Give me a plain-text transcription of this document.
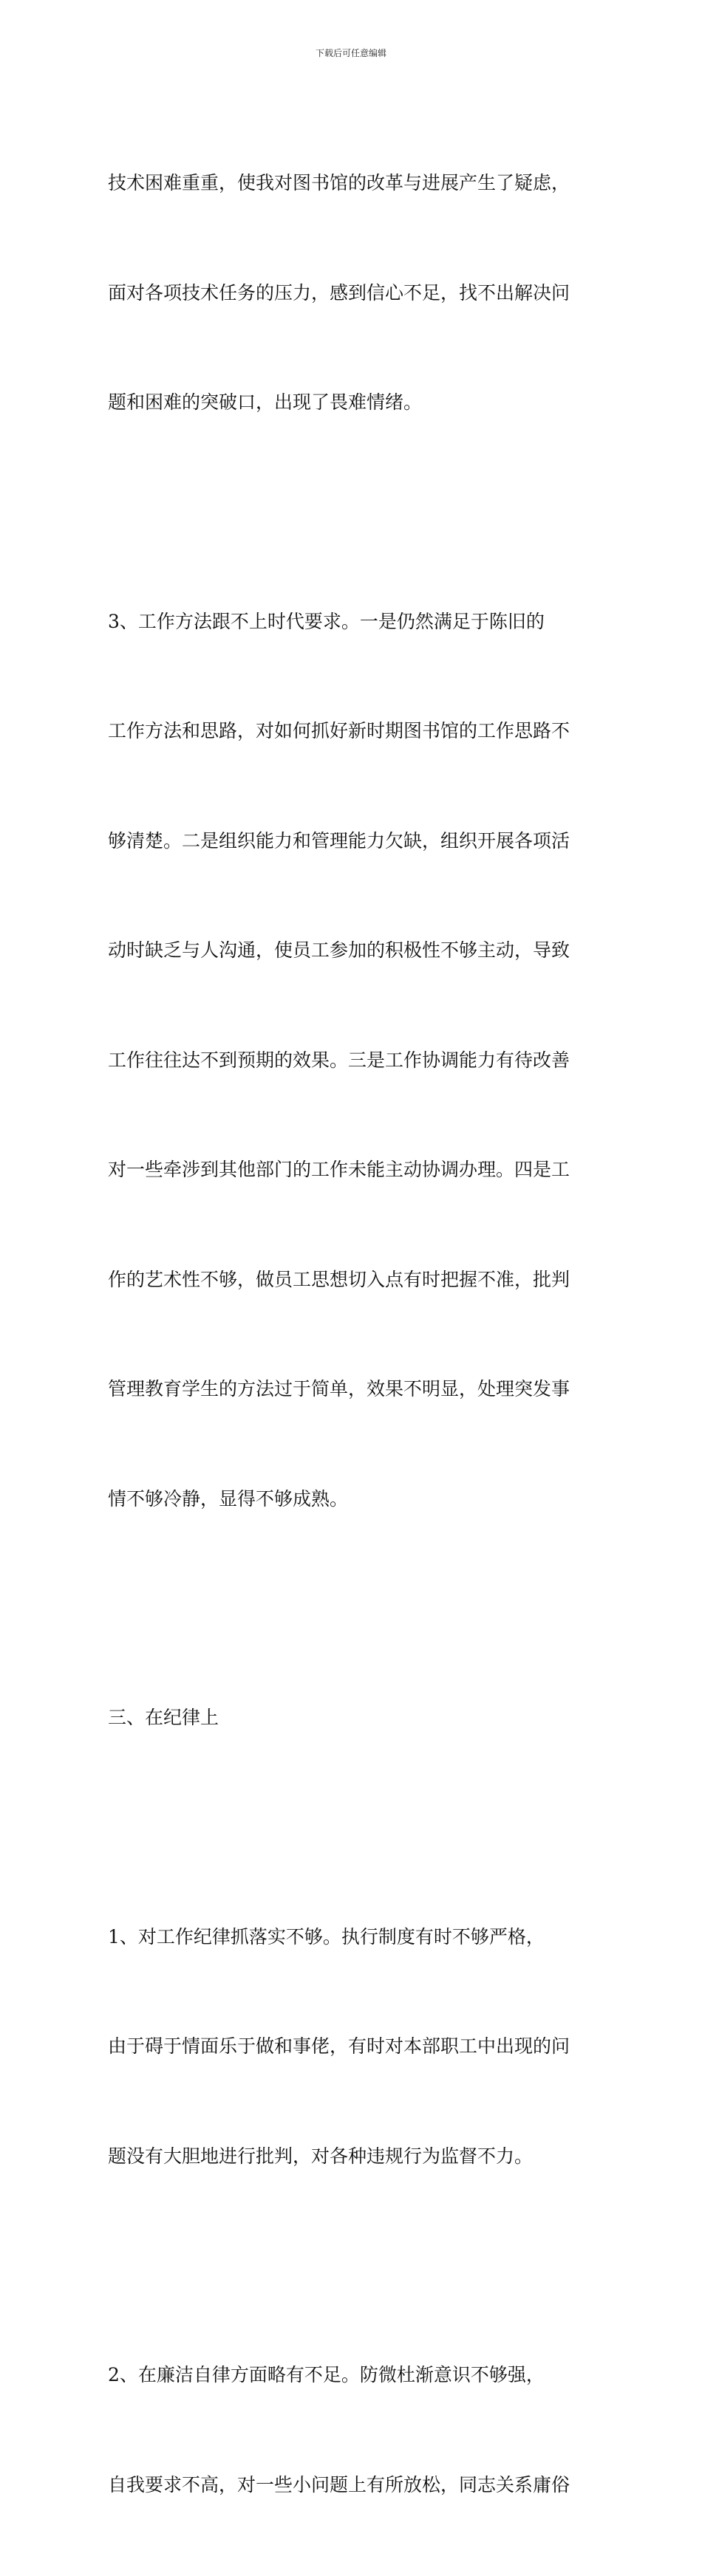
下载后可任意编辑

技术困难重重，使我对图书馆的改革与进展产生了疑虑，

面对各项技术任务的压力，感到信心不足，找不出解决问

题和困难的突破口，出现了畏难情绪。

3、工作方法跟不上时代要求。一是仍然满足于陈旧的

工作方法和思路，对如何抓好新时期图书馆的工作思路不

够清楚。二是组织能力和管理能力欠缺，组织开展各项活

动时缺乏与人沟通，使员工参加的积极性不够主动，导致

工作往往达不到预期的效果。三是工作协调能力有待改善

对一些牵涉到其他部门的工作未能主动协调办理。四是工

作的艺术性不够，做员工思想切入点有时把握不准，批判

管理教育学生的方法过于简单，效果不明显，处理突发事

情不够冷静，显得不够成熟。

三、在纪律上

1、对工作纪律抓落实不够。执行制度有时不够严格，

由于碍于情面乐于做和事佬，有时对本部职工中出现的问

题没有大胆地进行批判，对各种违规行为监督不力。

2、在廉洁自律方面略有不足。防微杜渐意识不够强，

自我要求不高，对一些小问题上有所放松，同志关系庸俗
